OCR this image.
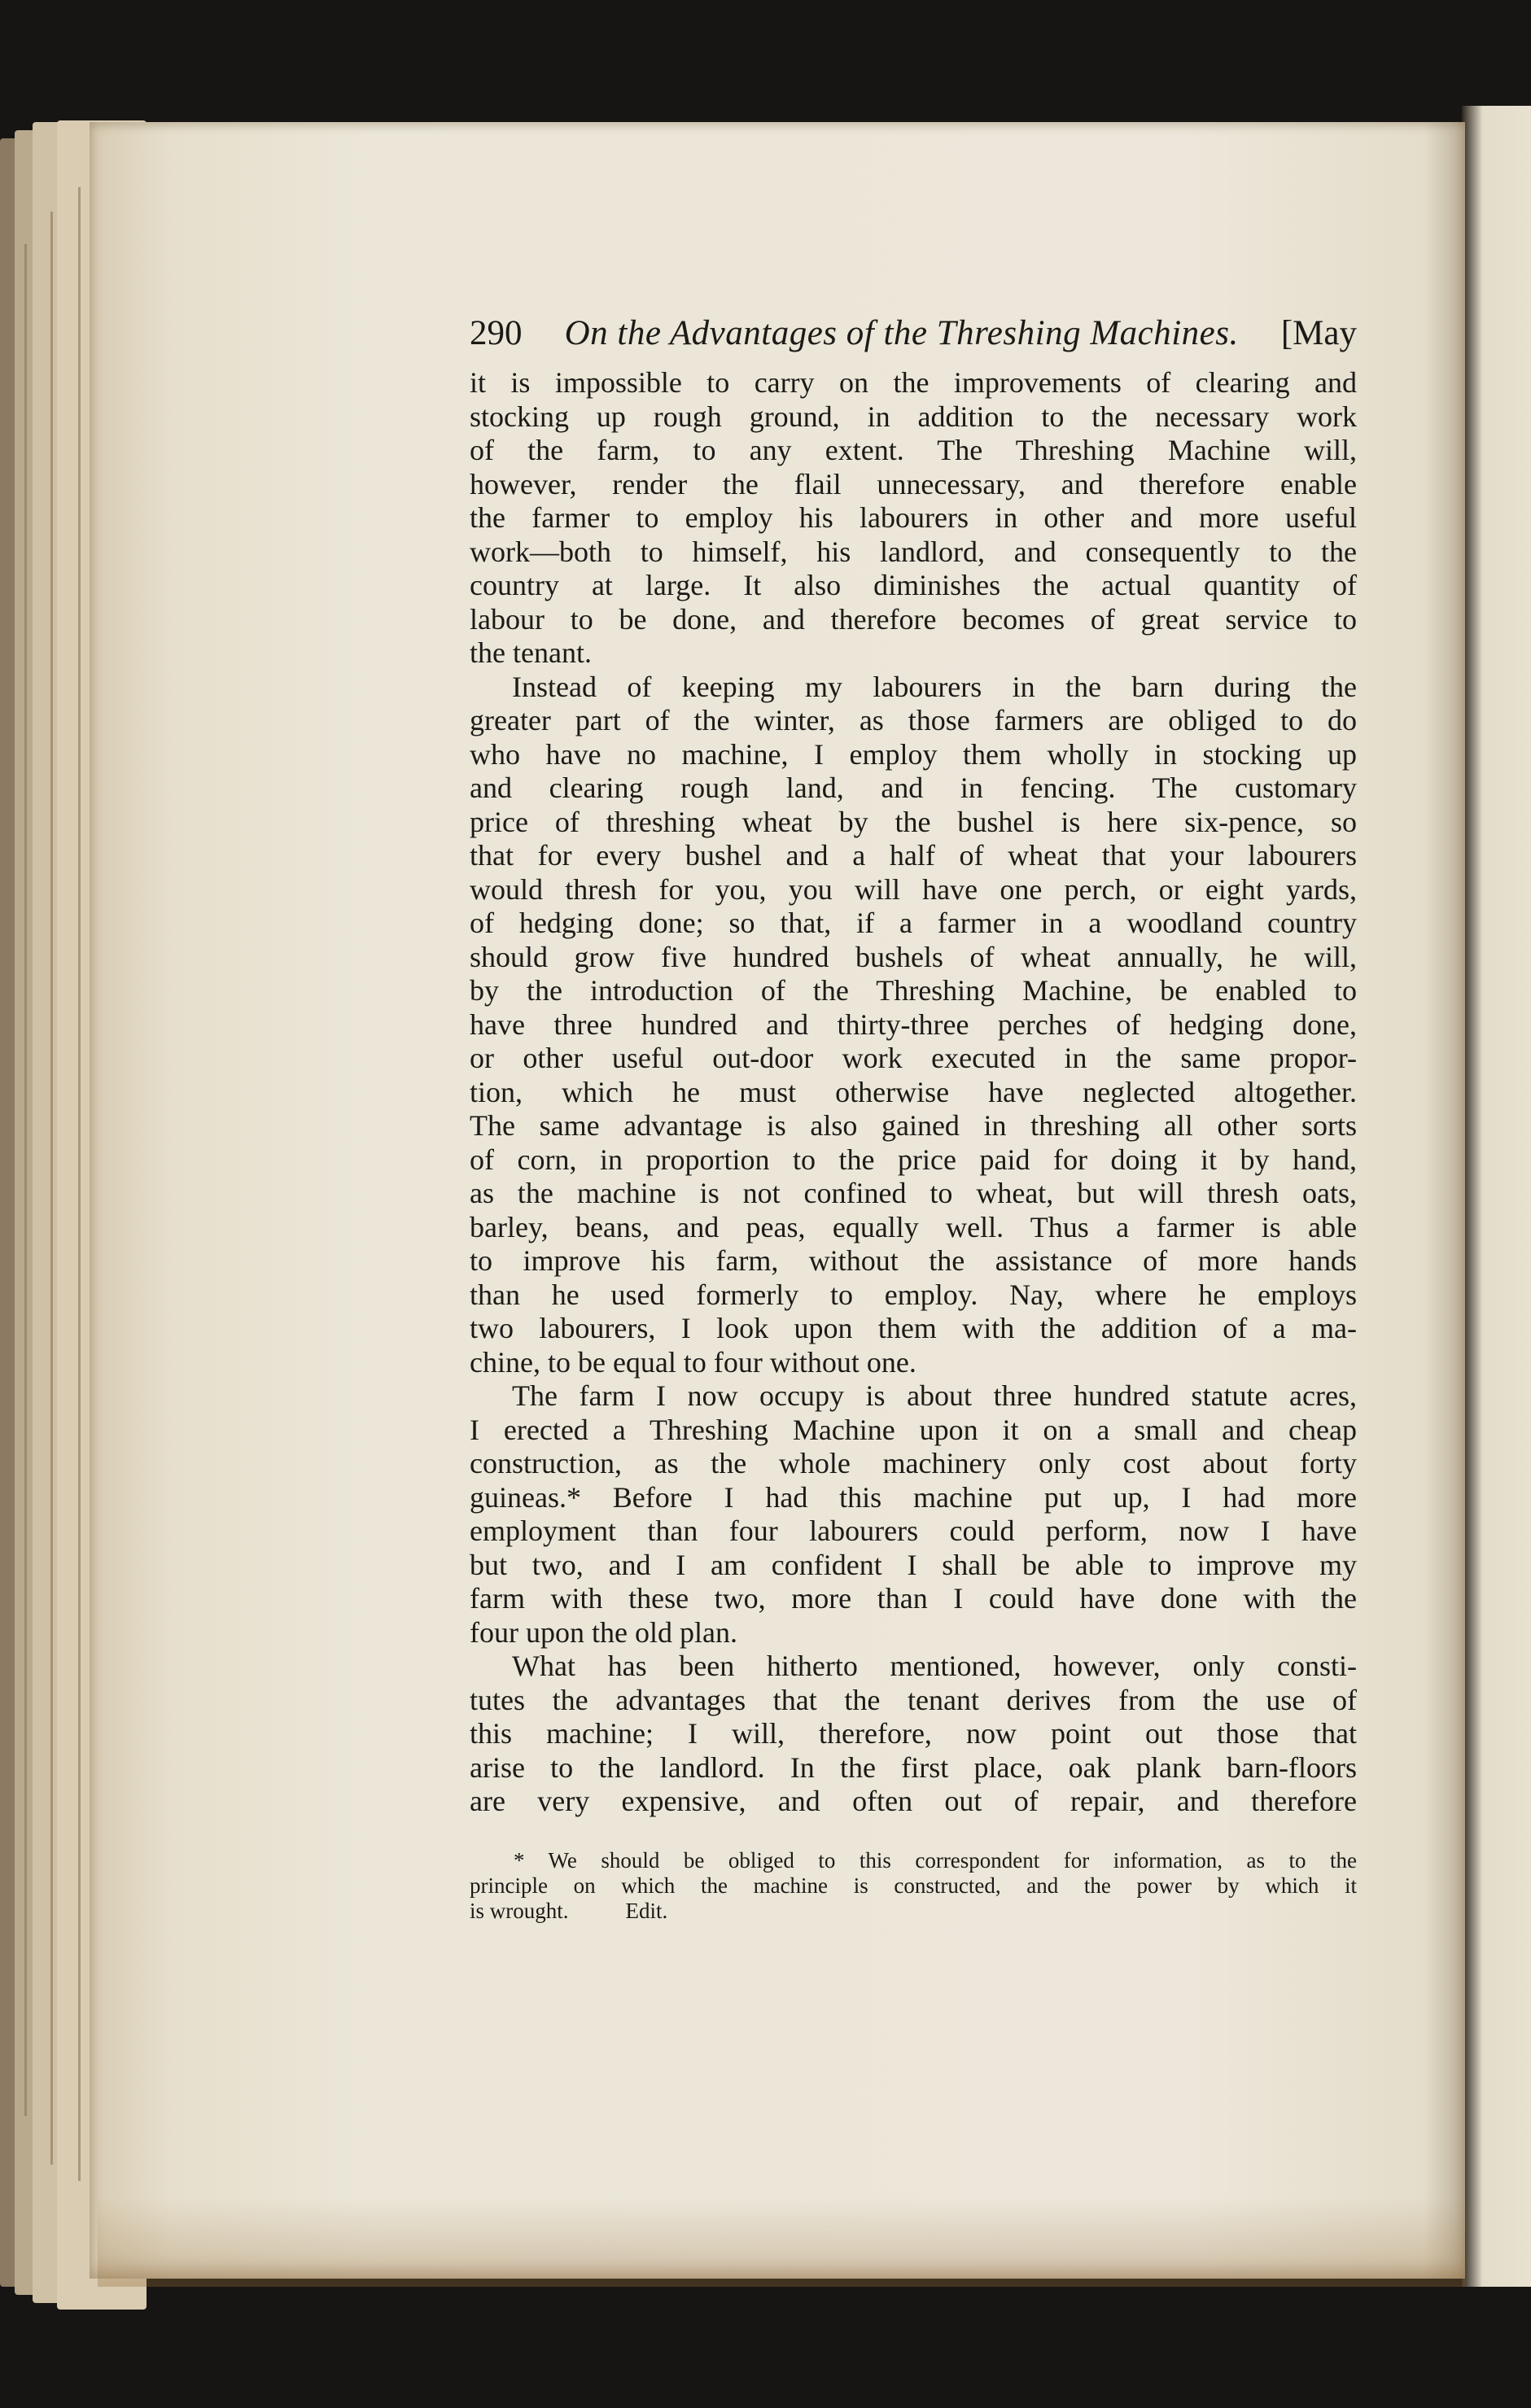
290 On the Advantages of the Threshing Machines. [May
it is impossible to carry on the improvements of clearing and
stocking up rough ground, in addition to the necessary work
of the farm, to any extent. The Threshing Machine will,
however, render the flail unnecessary, and therefore enable
the farmer to employ his labourers in other and more useful
work—both to himself, his landlord, and consequently to the
country at large. It also diminishes the actual quantity of
labour to be done, and therefore becomes of great service to
the tenant.
Instead of keeping my labourers in the barn during the
greater part of the winter, as those farmers are obliged to do
who have no machine, I employ them wholly in stocking up
and clearing rough land, and in fencing. The customary
price of threshing wheat by the bushel is here six-pence, so
that for every bushel and a half of wheat that your labourers
would thresh for you, you will have one perch, or eight yards,
of hedging done; so that, if a farmer in a woodland country
should grow five hundred bushels of wheat annually, he will,
by the introduction of the Threshing Machine, be enabled to
have three hundred and thirty-three perches of hedging done,
or other useful out-door work executed in the same propor-
tion, which he must otherwise have neglected altogether.
The same advantage is also gained in threshing all other sorts
of corn, in proportion to the price paid for doing it by hand,
as the machine is not confined to wheat, but will thresh oats,
barley, beans, and peas, equally well. Thus a farmer is able
to improve his farm, without the assistance of more hands
than he used formerly to employ. Nay, where he employs
two labourers, I look upon them with the addition of a ma-
chine, to be equal to four without one.
The farm I now occupy is about three hundred statute acres,
I erected a Threshing Machine upon it on a small and cheap
construction, as the whole machinery only cost about forty
guineas.* Before I had this machine put up, I had more
employment than four labourers could perform, now I have
but two, and I am confident I shall be able to improve my
farm with these two, more than I could have done with the
four upon the old plan.
What has been hitherto mentioned, however, only consti-
tutes the advantages that the tenant derives from the use of
this machine; I will, therefore, now point out those that
arise to the landlord. In the first place, oak plank barn-floors
are very expensive, and often out of repair, and therefore
* We should be obliged to this correspondent for information, as to the
principle on which the machine is constructed, and the power by which it
is wrought.	Edit.
